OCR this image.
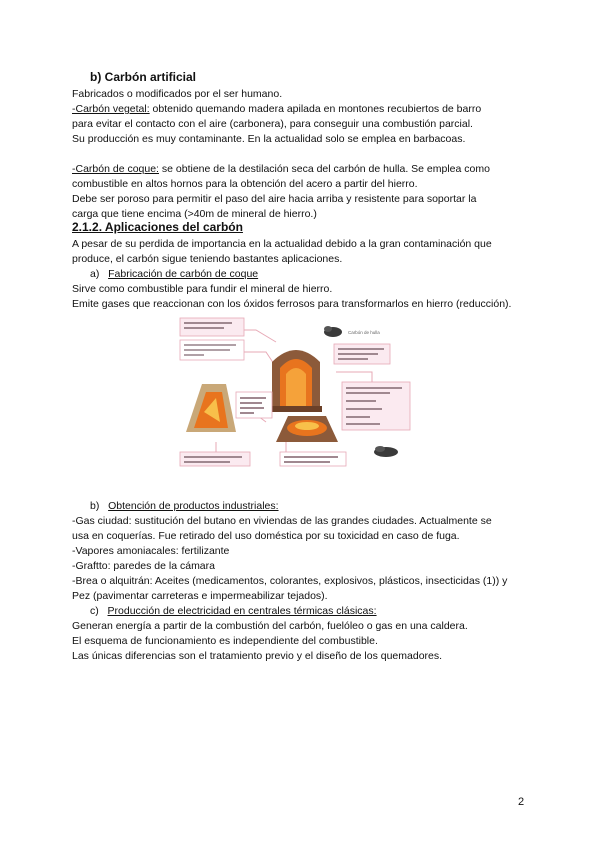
b) Carbón artificial
Fabricados o modificados por el ser humano.
-Carbón vegetal: obtenido quemando madera apilada en montones recubiertos de barro
para evitar el contacto con el aire (carbonera), para conseguir una combustión parcial.
Su producción es muy contaminante. En la actualidad solo se emplea en barbacoas.
-Carbón de coque: se obtiene de la destilación seca del carbón de hulla. Se emplea como
combustible en altos hornos para la obtención del acero a partir del hierro.
Debe ser poroso para permitir el paso del aire hacia arriba y resistente para soportar la
carga que tiene encima (>40m de mineral de hierro.)
2.1.2. Aplicaciones del carbón
A pesar de su perdida de importancia en la actualidad debido a la gran contaminación que
produce, el carbón sigue teniendo bastantes aplicaciones.
a) Fabricación de carbón de coque
Sirve como combustible para fundir el mineral de hierro.
Emite gases que reaccionan con los óxidos ferrosos para transformarlos en hierro (reducción).
Carbón de hulla
b) Obtención de productos industriales:
-Gas ciudad: sustitución del butano en viviendas de las grandes ciudades. Actualmente se
usa en coquerías. Fue retirado del uso doméstica por su toxicidad en caso de fuga.
-Vapores amoniacales: fertilizante
-Graftto: paredes de la cámara
-Brea o alquitrán: Aceites (medicamentos, colorantes, explosivos, plásticos, insecticidas (1)) y
Pez (pavimentar carreteras e impermeabilizar tejados).
c) Producción de electricidad en centrales térmicas clásicas:
Generan energía a partir de la combustión del carbón, fuelóleo o gas en una caldera.
El esquema de funcionamiento es independiente del combustible.
Las únicas diferencias son el tratamiento previo y el diseño de los quemadores.
2
